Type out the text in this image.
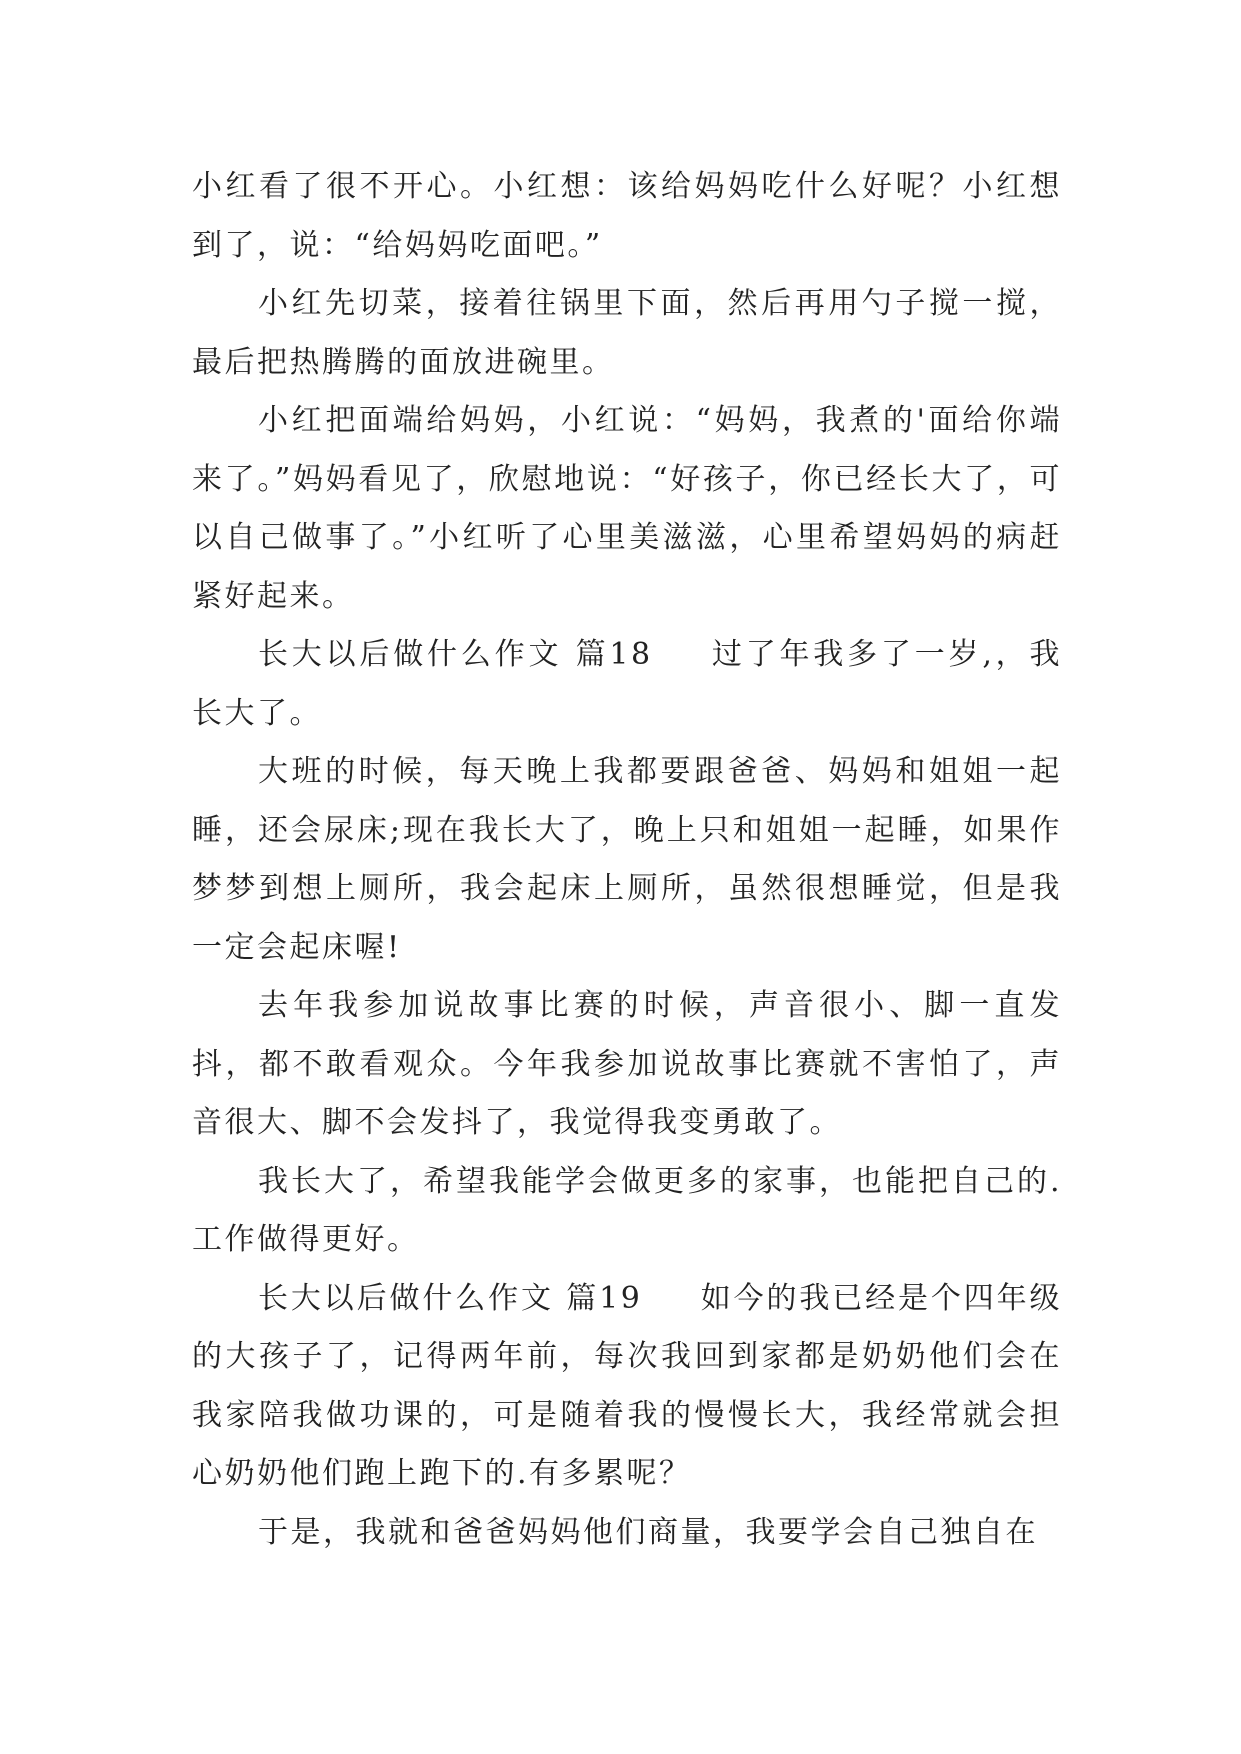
小红看了很不开心。小红想：该给妈妈吃什么好呢？小红想到了，说：“给妈妈吃面吧。”

小红先切菜，接着往锅里下面，然后再用勺子搅一搅，最后把热腾腾的面放进碗里。

小红把面端给妈妈，小红说：“妈妈，我煮的'面给你端来了。”妈妈看见了，欣慰地说：“好孩子，你已经长大了，可以自己做事了。”小红听了心里美滋滋，心里希望妈妈的病赶紧好起来。

长大以后做什么作文 篇18 过了年我多了一岁,，我长大了。

大班的时候，每天晚上我都要跟爸爸、妈妈和姐姐一起睡，还会尿床;现在我长大了，晚上只和姐姐一起睡，如果作梦梦到想上厕所，我会起床上厕所，虽然很想睡觉，但是我一定会起床喔!

去年我参加说故事比赛的时候，声音很小、脚一直发抖，都不敢看观众。今年我参加说故事比赛就不害怕了，声音很大、脚不会发抖了，我觉得我变勇敢了。

我长大了，希望我能学会做更多的家事，也能把自己的.工作做得更好。

长大以后做什么作文 篇19 如今的我已经是个四年级的大孩子了，记得两年前，每次我回到家都是奶奶他们会在我家陪我做功课的，可是随着我的慢慢长大，我经常就会担心奶奶他们跑上跑下的.有多累呢？

于是，我就和爸爸妈妈他们商量，我要学会自己独自在
